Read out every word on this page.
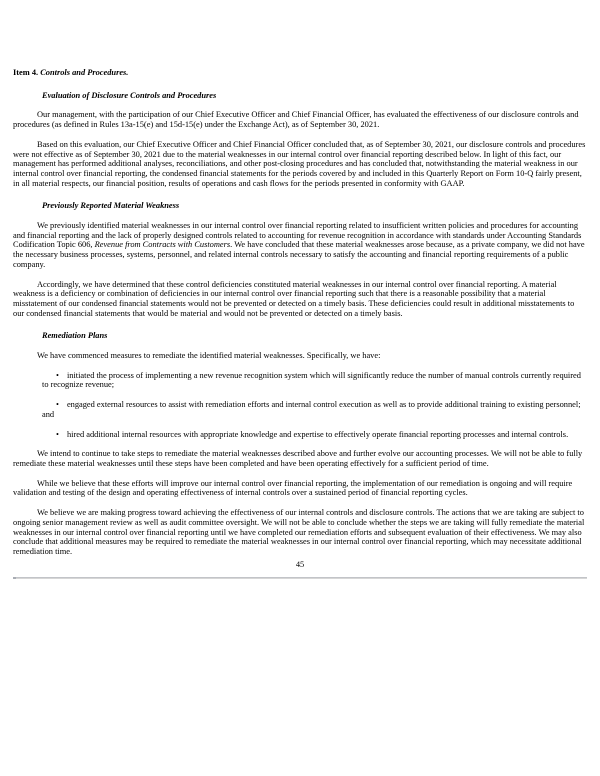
Item 4. Controls and Procedures.

Evaluation of Disclosure Controls and Procedures

Our management, with the participation of our Chief Executive Officer and Chief Financial Officer, has evaluated the effectiveness of our disclosure controls and procedures (as defined in Rules 13a-15(e) and 15d-15(e) under the Exchange Act), as of September 30, 2021.

Based on this evaluation, our Chief Executive Officer and Chief Financial Officer concluded that, as of September 30, 2021, our disclosure controls and procedures were not effective as of September 30, 2021 due to the material weaknesses in our internal control over financial reporting described below. In light of this fact, our management has performed additional analyses, reconciliations, and other post-closing procedures and has concluded that, notwithstanding the material weakness in our internal control over financial reporting, the condensed financial statements for the periods covered by and included in this Quarterly Report on Form 10-Q fairly present, in all material respects, our financial position, results of operations and cash flows for the periods presented in conformity with GAAP.

Previously Reported Material Weakness

We previously identified material weaknesses in our internal control over financial reporting related to insufficient written policies and procedures for accounting and financial reporting and the lack of properly designed controls related to accounting for revenue recognition in accordance with standards under Accounting Standards Codification Topic 606, Revenue from Contracts with Customers. We have concluded that these material weaknesses arose because, as a private company, we did not have the necessary business processes, systems, personnel, and related internal controls necessary to satisfy the accounting and financial reporting requirements of a public company.

Accordingly, we have determined that these control deficiencies constituted material weaknesses in our internal control over financial reporting. A material weakness is a deficiency or combination of deficiencies in our internal control over financial reporting such that there is a reasonable possibility that a material misstatement of our condensed financial statements would not be prevented or detected on a timely basis. These deficiencies could result in additional misstatements to our condensed financial statements that would be material and would not be prevented or detected on a timely basis.

Remediation Plans

We have commenced measures to remediate the identified material weaknesses. Specifically, we have:

• initiated the process of implementing a new revenue recognition system which will significantly reduce the number of manual controls currently required to recognize revenue;
• engaged external resources to assist with remediation efforts and internal control execution as well as to provide additional training to existing personnel; and
• hired additional internal resources with appropriate knowledge and expertise to effectively operate financial reporting processes and internal controls.

We intend to continue to take steps to remediate the material weaknesses described above and further evolve our accounting processes. We will not be able to fully remediate these material weaknesses until these steps have been completed and have been operating effectively for a sufficient period of time.

While we believe that these efforts will improve our internal control over financial reporting, the implementation of our remediation is ongoing and will require validation and testing of the design and operating effectiveness of internal controls over a sustained period of financial reporting cycles.

We believe we are making progress toward achieving the effectiveness of our internal controls and disclosure controls. The actions that we are taking are subject to ongoing senior management review as well as audit committee oversight. We will not be able to conclude whether the steps we are taking will fully remediate the material weaknesses in our internal control over financial reporting until we have completed our remediation efforts and subsequent evaluation of their effectiveness. We may also conclude that additional measures may be required to remediate the material weaknesses in our internal control over financial reporting, which may necessitate additional remediation time.

45
